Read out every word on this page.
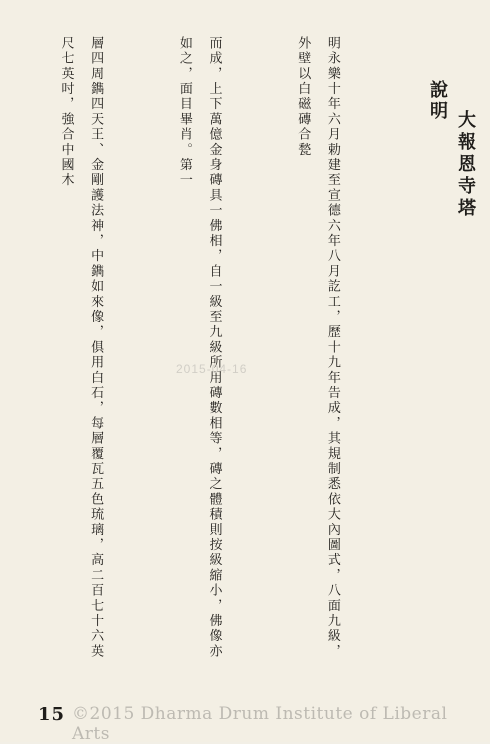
說明
大報恩寺塔

明永樂十年六月勅建至宣德六年八月訖工，歷十九年告成，其規制悉依大內圖式，八面九級，外壁以白磁磚合甃

而成，上下萬億金身磚具一佛相，自一級至九級所用磚數相等，磚之體積則按級縮小，佛像亦如之，面目畢肖。第一

層四周鐫四天王、金剛護法神，中鐫如來像，俱用白石，每層覆瓦五色琉璃，高二百七十六英尺七英吋，強合中國木

2015-04-16
15 ©2015 Dharma Drum Institute of Liberal Arts
